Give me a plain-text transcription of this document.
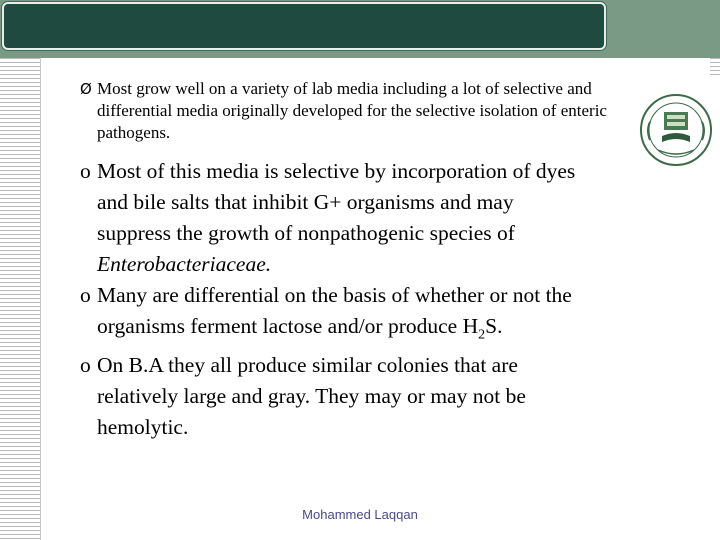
Ø Most grow well on a variety of lab media including a lot of selective and differential media originally developed for the selective isolation of enteric pathogens.
o Most of this media is selective by incorporation of dyes
and bile salts that inhibit G+ organisms and may
suppress the growth of nonpathogenic species of
Enterobacteriaceae.
o Many are differential on the basis of whether or not the
organisms ferment lactose and/or produce $H_2S$.
o On B.A they all produce similar colonies that are
relatively large and gray. They may or may not be
hemolytic.
Mohammed Laqqan
